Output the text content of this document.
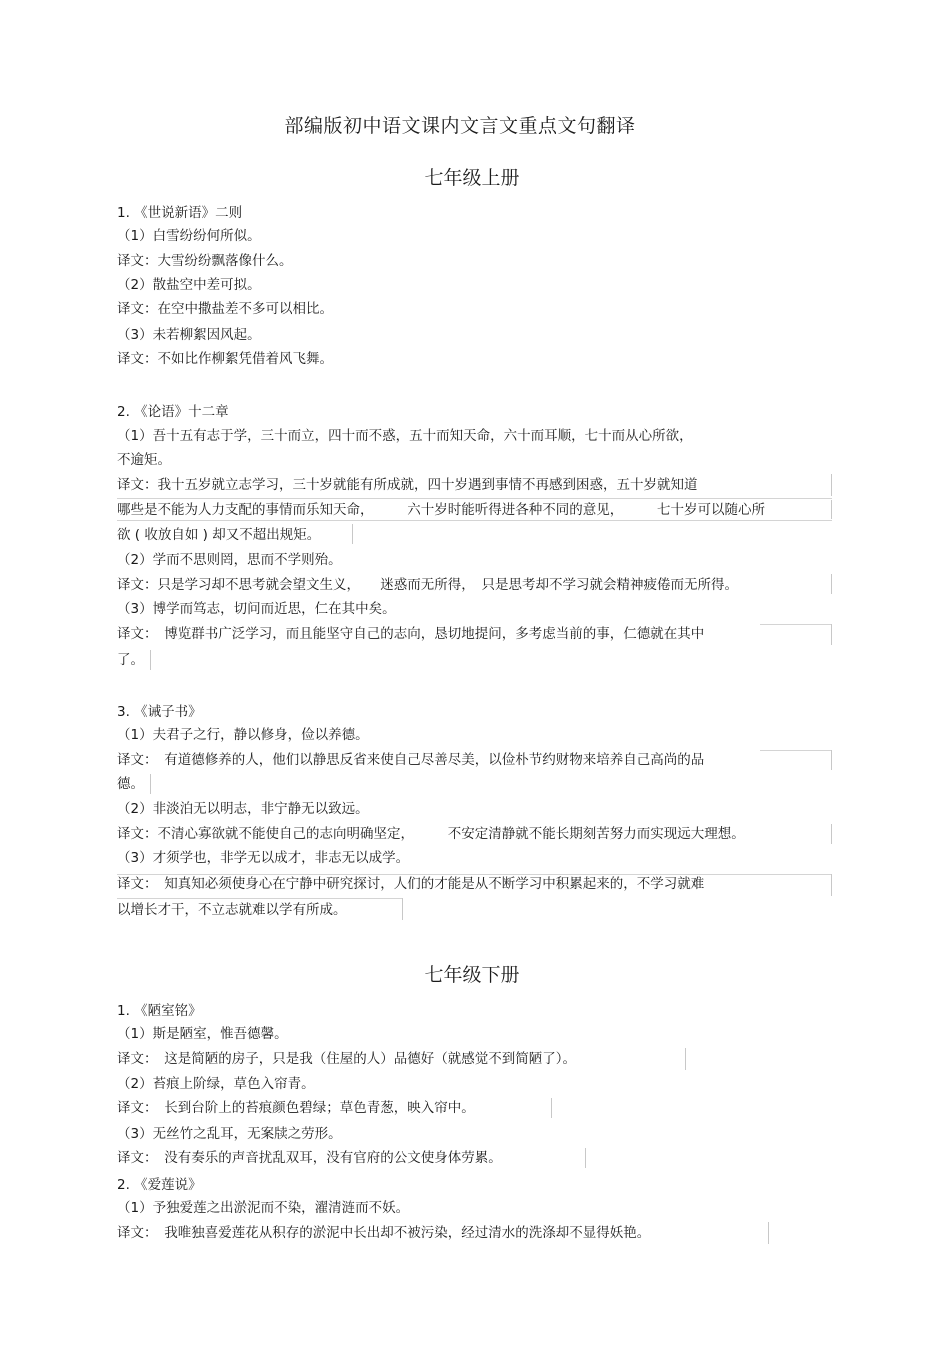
部编版初中语文课内文言文重点文句翻译
七年级上册
1. 《世说新语》二则
（1）白雪纷纷何所似。
译文：大雪纷纷飘落像什么。
（2）散盐空中差可拟。
译文：在空中撒盐差不多可以相比。
（3）未若柳絮因风起。
译文：不如比作柳絮凭借着风飞舞。
2. 《论语》十二章
（1）吾十五有志于学，三十而立，四十而不惑，五十而知天命，六十而耳顺，七十而从心所欲，
不逾矩。
译文：我十五岁就立志学习，三十岁就能有所成就，四十岁遇到事情不再感到困惑，五十岁就知道
哪些是不能为人力支配的事情而乐知天命，　　　六十岁时能听得进各种不同的意见，　　　七十岁可以随心所
欲 ( 收放自如 ) 却又不超出规矩。
（2）学而不思则罔，思而不学则殆。
译文：只是学习却不思考就会望文生义，　　迷惑而无所得，　只是思考却不学习就会精神疲倦而无所得。
（3）博学而笃志，切问而近思，仁在其中矣。
译文：　博览群书广泛学习，而且能坚守自己的志向，恳切地提问，多考虑当前的事，仁德就在其中
了。
3. 《诫子书》
（1）夫君子之行，静以修身，俭以养德。
译文：　有道德修养的人，他们以静思反省来使自己尽善尽美，以俭朴节约财物来培养自己高尚的品
德。
（2）非淡泊无以明志，非宁静无以致远。
译文：不清心寡欲就不能使自己的志向明确坚定，　　　不安定清静就不能长期刻苦努力而实现远大理想。
（3）才须学也，非学无以成才，非志无以成学。
译文：　知真知必须使身心在宁静中研究探讨，人们的才能是从不断学习中积累起来的，不学习就难
以增长才干，不立志就难以学有所成。
七年级下册
1. 《陋室铭》
（1）斯是陋室，惟吾德馨。
译文：　这是简陋的房子，只是我（住屋的人）品德好（就感觉不到简陋了）。
（2）苔痕上阶绿，草色入帘青。
译文：　长到台阶上的苔痕颜色碧绿；草色青葱，映入帘中。
（3）无丝竹之乱耳，无案牍之劳形。
译文：　没有奏乐的声音扰乱双耳，没有官府的公文使身体劳累。
2. 《爱莲说》
（1）予独爱莲之出淤泥而不染，濯清涟而不妖。
译文：　我唯独喜爱莲花从积存的淤泥中长出却不被污染，经过清水的洗涤却不显得妖艳。
